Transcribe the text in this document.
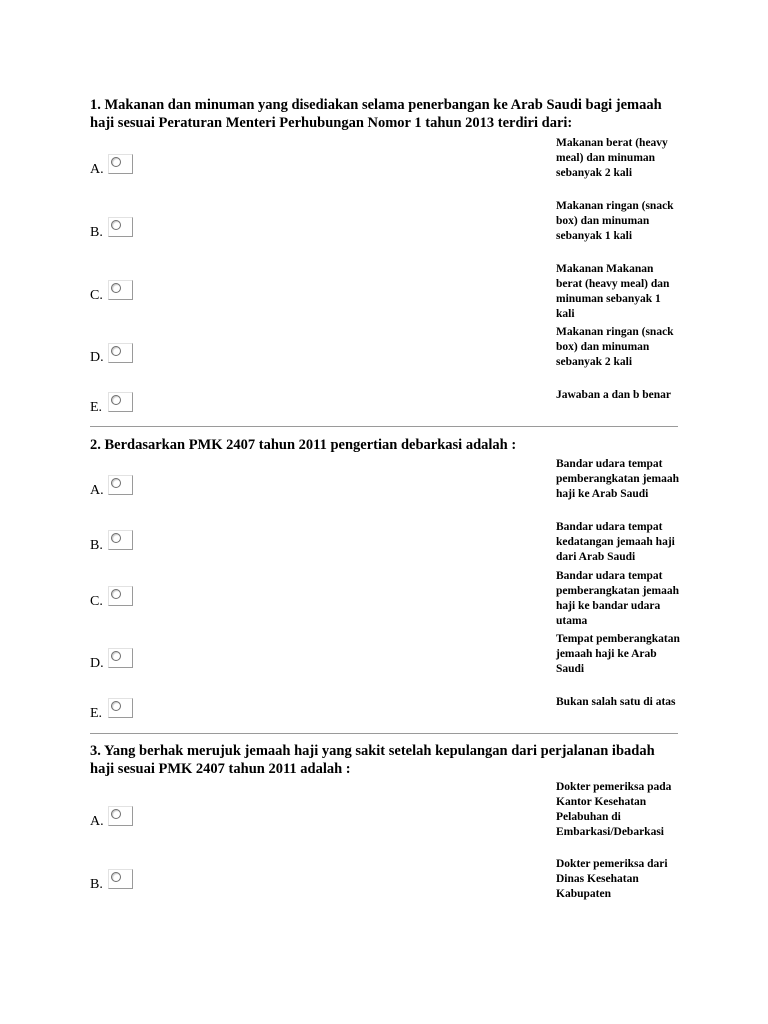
1. Makanan dan minuman yang disediakan selama penerbangan ke Arab Saudi bagi jemaah haji sesuai Peraturan Menteri Perhubungan Nomor 1 tahun 2013 terdiri dari:
Makanan berat (heavy meal) dan minuman sebanyak 2 kali
A.
Makanan ringan (snack box) dan minuman sebanyak 1 kali
B.
Makanan Makanan berat (heavy meal) dan minuman sebanyak 1 kali
C.
Makanan ringan (snack box) dan minuman sebanyak 2 kali
D.
Jawaban a dan b benar
E.
2. Berdasarkan PMK 2407 tahun 2011 pengertian debarkasi adalah :
Bandar udara tempat pemberangkatan jemaah haji ke Arab Saudi
A.
Bandar udara tempat kedatangan jemaah haji dari Arab Saudi
B.
Bandar udara tempat pemberangkatan jemaah haji ke bandar udara utama
C.
Tempat pemberangkatan jemaah haji ke Arab Saudi
D.
Bukan salah satu di atas
E.
3. Yang berhak merujuk jemaah haji yang sakit setelah kepulangan dari perjalanan ibadah haji sesuai PMK 2407 tahun 2011 adalah :
Dokter pemeriksa pada Kantor Kesehatan Pelabuhan di Embarkasi/Debarkasi
A.
Dokter pemeriksa dari Dinas Kesehatan Kabupaten
B.
